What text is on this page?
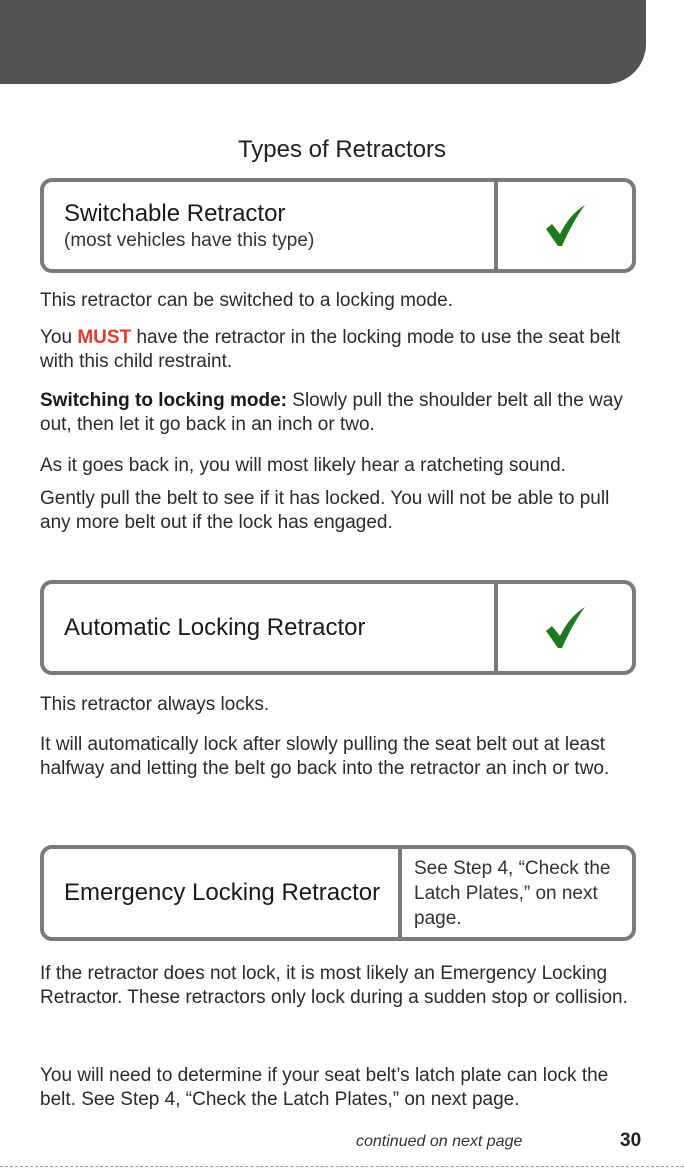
Types of Retractors
Switchable Retractor
(most vehicles have this type)

This retractor can be switched to a locking mode.

You MUST have the retractor in the locking mode to use the seat belt with this child restraint.

Switching to locking mode: Slowly pull the shoulder belt all the way out, then let it go back in an inch or two.

As it goes back in, you will most likely hear a ratcheting sound.

Gently pull the belt to see if it has locked. You will not be able to pull any more belt out if the lock has engaged.

Automatic Locking Retractor

This retractor always locks.

It will automatically lock after slowly pulling the seat belt out at least halfway and letting the belt go back into the retractor an inch or two.

Emergency Locking Retractor
See Step 4, “Check the Latch Plates,” on next page.

If the retractor does not lock, it is most likely an Emergency Locking Retractor. These retractors only lock during a sudden stop or collision.

You will need to determine if your seat belt’s latch plate can lock the belt. See Step 4, “Check the Latch Plates,” on next page.

continued on next page	30
